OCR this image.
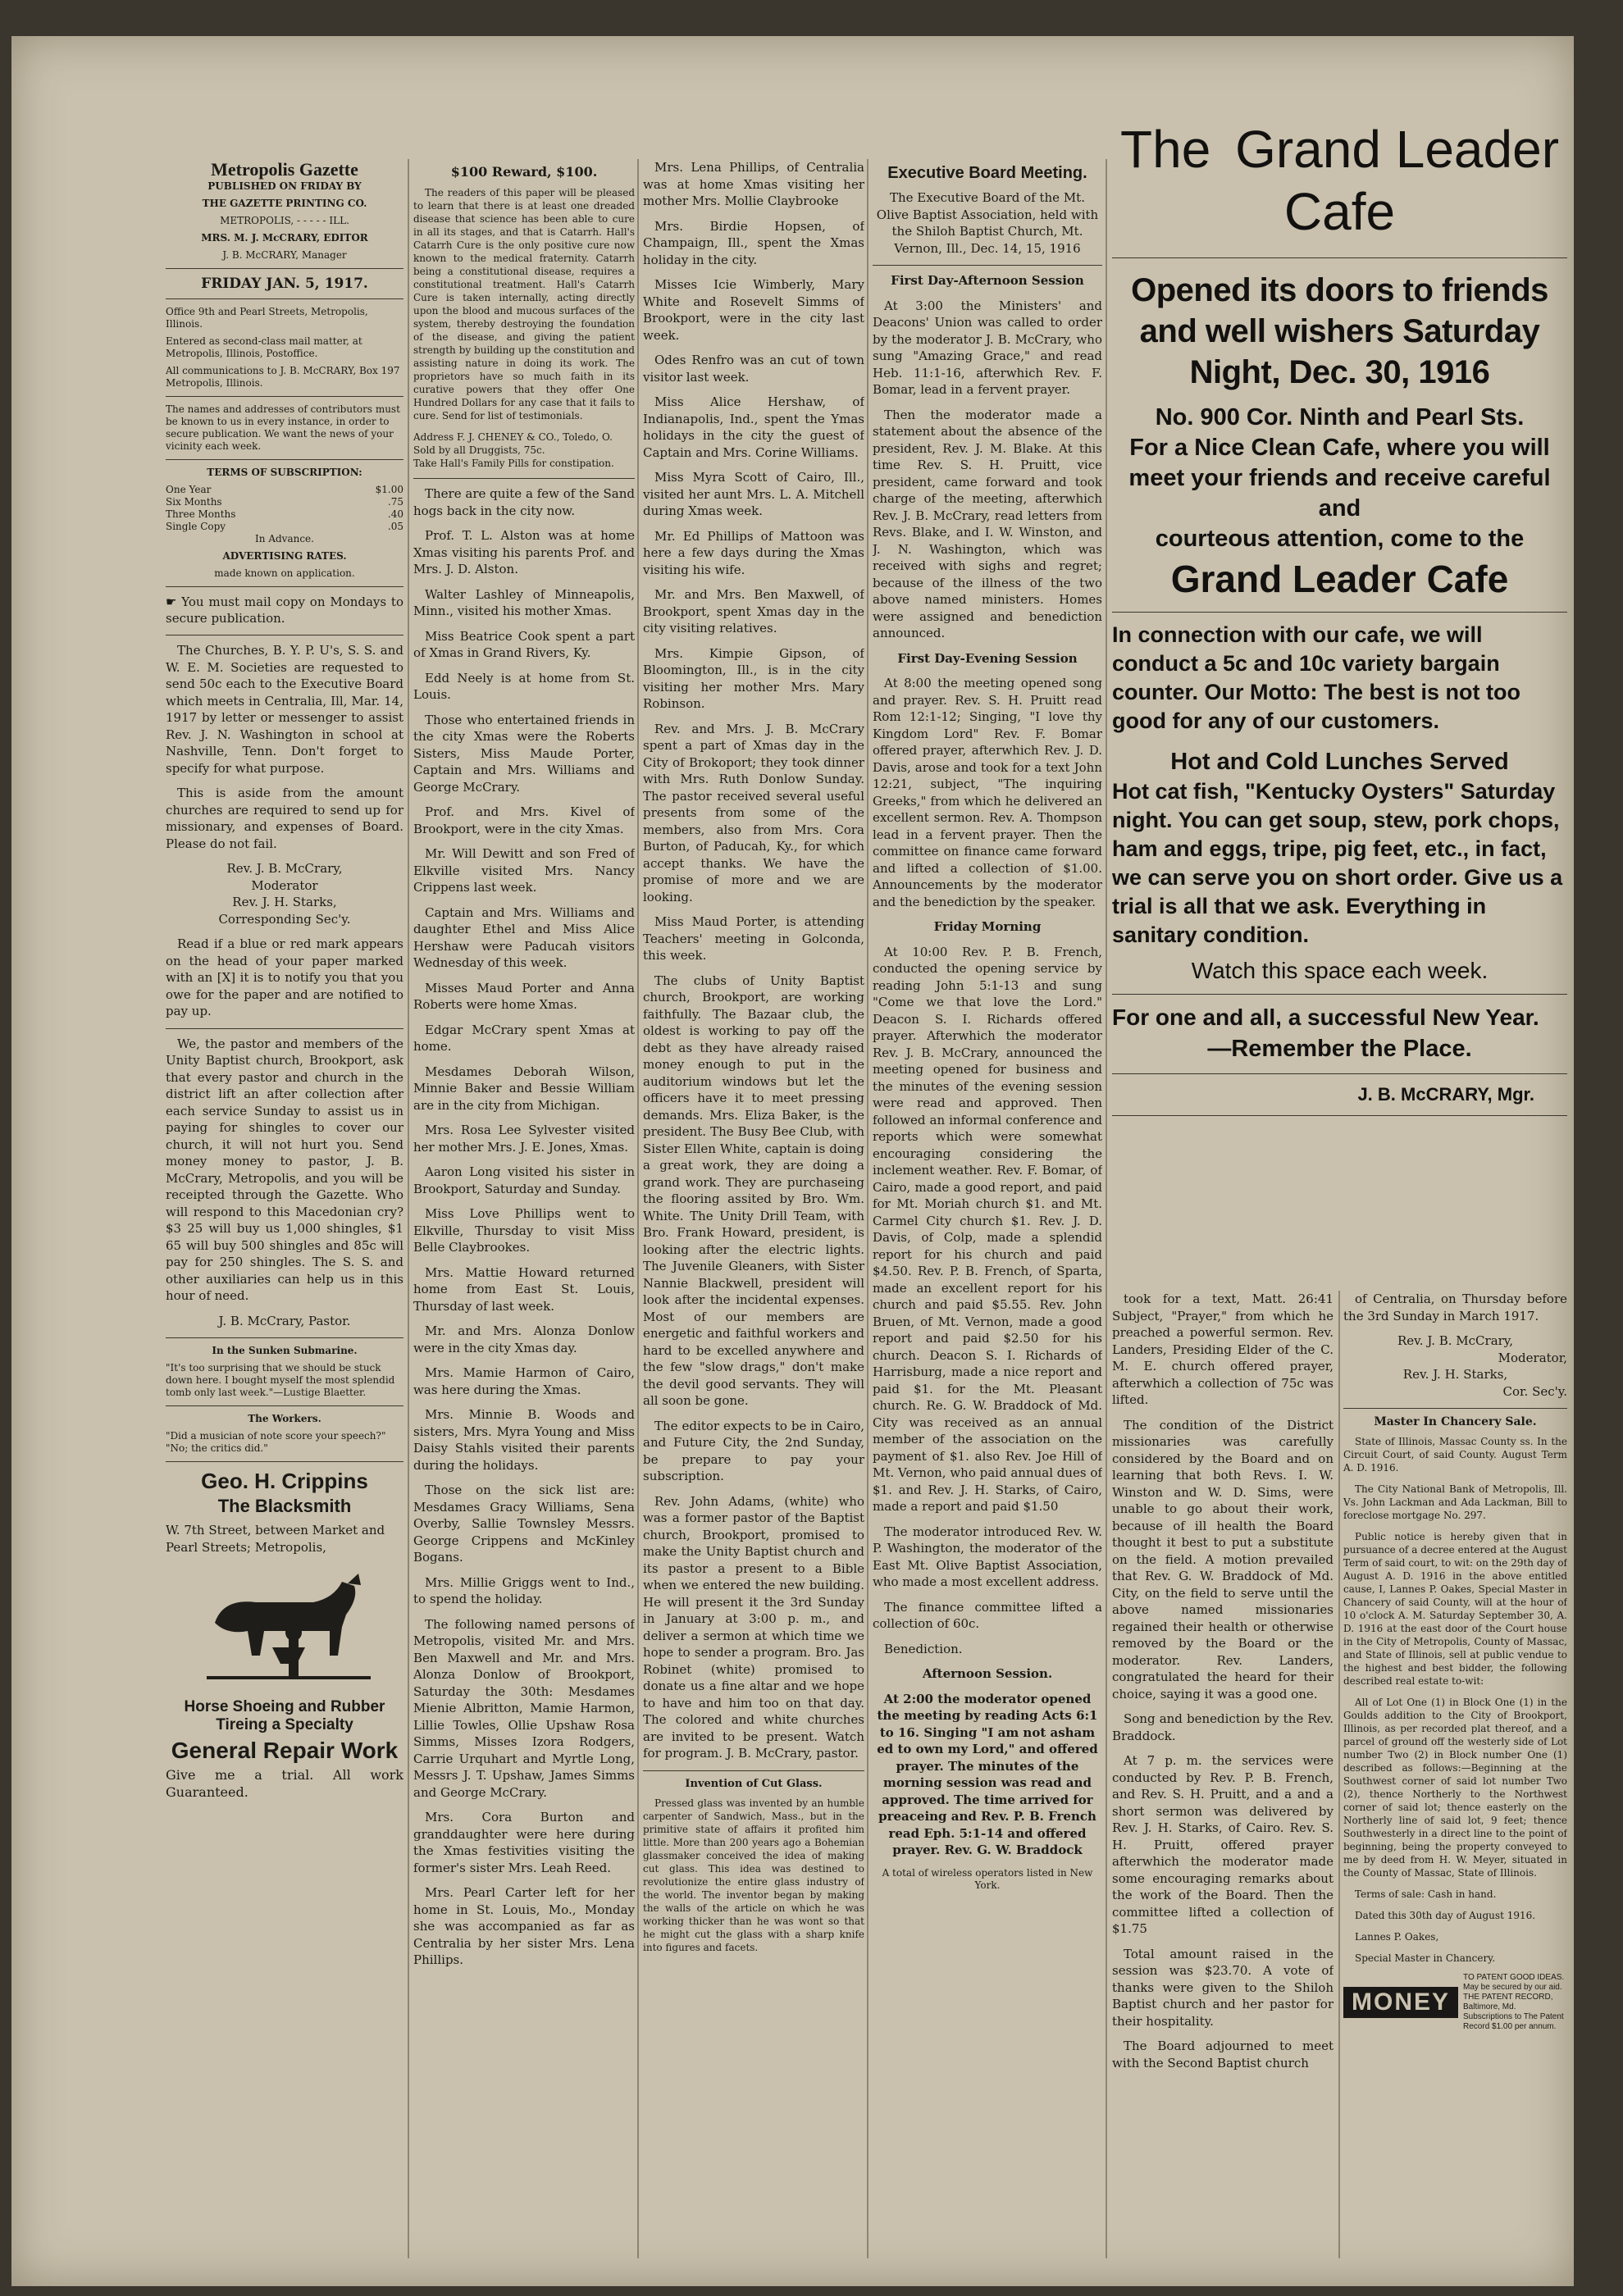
Metropolis Gazette
PUBLISHED ON FRIDAY BY
THE GAZETTE PRINTING CO.
METROPOLIS, - - - - - ILL.
MRS. M. J. McCRARY, EDITOR
J. B. McCRARY, Manager
FRIDAY JAN. 5, 1917.

Office 9th and Pearl Streets, Metropolis, Illinois.

Entered as second-class mail matter, at Metropolis, Illinois, Postoffice.

All communications to J. B. McCRARY, Box 197 Metropolis, Illinois.

The names and addresses of contributors must be known to us in every instance, in order to secure publication. We want the news of your vicinity each week.

TERMS OF SUBSCRIPTION:
One Year	$1.00
Six Months	.75
Three Months	.40
Single Copy	.05
In Advance.
ADVERTISING RATES.
made known on application.

☛ You must mail copy on Mondays to secure publication.

The Churches, B. Y. P. U's, S. S. and W. E. M. Societies are requested to send 50c each to the Executive Board which meets in Centralia, Ill, Mar. 14, 1917 by letter or messenger to assist Rev. J. N. Washington in school at Nashville, Tenn. Don't forget to specify for what purpose.

This is aside from the amount churches are required to send up for missionary, and expenses of Board. Please do not fail.

Rev. J. B. McCrary,

Moderator

Rev. J. H. Starks,

Corresponding Sec'y.

Read if a blue or red mark appears on the head of your paper marked with an [X] it is to notify you that you owe for the paper and are notified to pay up.

We, the pastor and members of the Unity Baptist church, Brookport, ask that every pastor and church in the district lift an after collection after each service Sunday to assist us in paying for shingles to cover our church, it will not hurt you. Send money money to pastor, J. B. McCrary, Metropolis, and you will be receipted through the Gazette. Who will respond to this Macedonian cry? $3 25 will buy us 1,000 shingles, $1 65 will buy 500 shingles and 85c will pay for 250 shingles. The S. S. and other auxiliaries can help us in this hour of need.

J. B. McCrary, Pastor.

In the Sunken Submarine.

"It's too surprising that we should be stuck down here. I bought myself the most splendid tomb only last week."—Lustige Blaetter.

The Workers.

"Did a musician of note score your speech?" "No; the critics did."

Geo. H. Crippins
The Blacksmith

W. 7th Street, between Market and Pearl Streets; Metropolis,

Horse Shoeing and Rubber Tireing a Specialty
General Repair Work

Give me a trial. All work Guaranteed.

$100 Reward, $100.

The readers of this paper will be pleased to learn that there is at least one dreaded disease that science has been able to cure in all its stages, and that is Catarrh. Hall's Catarrh Cure is the only positive cure now known to the medical fraternity. Catarrh being a constitutional disease, requires a constitutional treatment. Hall's Catarrh Cure is taken internally, acting directly upon the blood and mucous surfaces of the system, thereby destroying the foundation of the disease, and giving the patient strength by building up the constitution and assisting nature in doing its work. The proprietors have so much faith in its curative powers that they offer One Hundred Dollars for any case that it fails to cure. Send for list of testimonials.

Address F. J. CHENEY & CO., Toledo, O.

Sold by all Druggists, 75c.

Take Hall's Family Pills for constipation.

There are quite a few of the Sand hogs back in the city now.

Prof. T. L. Alston was at home Xmas visiting his parents Prof. and Mrs. J. D. Alston.

Walter Lashley of Minneapolis, Minn., visited his mother Xmas.

Miss Beatrice Cook spent a part of Xmas in Grand Rivers, Ky.

Edd Neely is at home from St. Louis.

Those who entertained friends in the city Xmas were the Roberts Sisters, Miss Maude Porter, Captain and Mrs. Williams and George McCrary.

Prof. and Mrs. Kivel of Brookport, were in the city Xmas.

Mr. Will Dewitt and son Fred of Elkville visited Mrs. Nancy Crippens last week.

Captain and Mrs. Williams and daughter Ethel and Miss Alice Hershaw were Paducah visitors Wednesday of this week.

Misses Maud Porter and Anna Roberts were home Xmas.

Edgar McCrary spent Xmas at home.

Mesdames Deborah Wilson, Minnie Baker and Bessie William are in the city from Michigan.

Mrs. Rosa Lee Sylvester visited her mother Mrs. J. E. Jones, Xmas.

Aaron Long visited his sister in Brookport, Saturday and Sunday.

Miss Love Phillips went to Elkville, Thursday to visit Miss Belle Claybrookes.

Mrs. Mattie Howard returned home from East St. Louis, Thursday of last week.

Mr. and Mrs. Alonza Donlow were in the city Xmas day.

Mrs. Mamie Harmon of Cairo, was here during the Xmas.

Mrs. Minnie B. Woods and sisters, Mrs. Myra Young and Miss Daisy Stahls visited their parents during the holidays.

Those on the sick list are: Mesdames Gracy Williams, Sena Overby, Sallie Townsley Messrs. George Crippens and McKinley Bogans.

Mrs. Millie Griggs went to Ind., to spend the holiday.

The following named persons of Metropolis, visited Mr. and Mrs. Ben Maxwell and Mr. and Mrs. Alonza Donlow of Brookport, Saturday the 30th: Mesdames Mienie Albritton, Mamie Harmon, Lillie Towles, Ollie Upshaw Rosa Simms, Misses Izora Rodgers, Carrie Urquhart and Myrtle Long, Messrs J. T. Upshaw, James Simms and George McCrary.

Mrs. Cora Burton and granddaughter were here during the Xmas festivities visiting the former's sister Mrs. Leah Reed.

Mrs. Pearl Carter left for her home in St. Louis, Mo., Monday she was accompanied as far as Centralia by her sister Mrs. Lena Phillips.

Mrs. Lena Phillips, of Centralia was at home Xmas visiting her mother Mrs. Mollie Claybrooke

Mrs. Birdie Hopsen, of Champaign, Ill., spent the Xmas holiday in the city.

Misses Icie Wimberly, Mary White and Rosevelt Simms of Brookport, were in the city last week.

Odes Renfro was an cut of town visitor last week.

Miss Alice Hershaw, of Indianapolis, Ind., spent the Ymas holidays in the city the guest of Captain and Mrs. Corine Williams.

Miss Myra Scott of Cairo, Ill., visited her aunt Mrs. L. A. Mitchell during Xmas week.

Mr. Ed Phillips of Mattoon was here a few days during the Xmas visiting his wife.

Mr. and Mrs. Ben Maxwell, of Brookport, spent Xmas day in the city visiting relatives.

Mrs. Kimpie Gipson, of Bloomington, Ill., is in the city visiting her mother Mrs. Mary Robinson.

Rev. and Mrs. J. B. McCrary spent a part of Xmas day in the City of Brokoport; they took dinner with Mrs. Ruth Donlow Sunday. The pastor received several useful presents from some of the members, also from Mrs. Cora Burton, of Paducah, Ky., for which accept thanks. We have the promise of more and we are looking.

Miss Maud Porter, is attending Teachers' meeting in Golconda, this week.

The clubs of Unity Baptist church, Brookport, are working faithfully. The Bazaar club, the oldest is working to pay off the debt as they have already raised money enough to put in the auditorium windows but let the officers have it to meet pressing demands. Mrs. Eliza Baker, is the president. The Busy Bee Club, with Sister Ellen White, captain is doing a great work, they are doing a grand work. They are purchaseing the flooring assited by Bro. Wm. White. The Unity Drill Team, with Bro. Frank Howard, president, is looking after the electric lights. The Juvenile Gleaners, with Sister Nannie Blackwell, president will look after the incidental expenses. Most of our members are energetic and faithful workers and hard to be excelled anywhere and the few "slow drags," don't make the devil good servants. They will all soon be gone.

The editor expects to be in Cairo, and Future City, the 2nd Sunday, be prepare to pay your subscription.

Rev. John Adams, (white) who was a former pastor of the Baptist church, Brookport, promised to make the Unity Baptist church and its pastor a present to a Bible when we entered the new building. He will present it the 3rd Sunday in January at 3:00 p. m., and deliver a sermon at which time we hope to sender a program. Bro. Jas Robinet (white) promised to donate us a fine altar and we hope to have and him too on that day. The colored and white churches are invited to be present. Watch for program. J. B. McCrary, pastor.

Invention of Cut Glass.

Pressed glass was invented by an humble carpenter of Sandwich, Mass., but in the primitive state of affairs it profited him little. More than 200 years ago a Bohemian glassmaker conceived the idea of making cut glass. This idea was destined to revolutionize the entire glass industry of the world. The inventor began by making the walls of the article on which he was working thicker than he was wont so that he might cut the glass with a sharp knife into figures and facets.

Executive Board Meeting.

The Executive Board of the Mt. Olive Baptist Association, held with the Shiloh Baptist Church, Mt. Vernon, Ill., Dec. 14, 15, 1916

First Day-Afternoon Session

At 3:00 the Ministers' and Deacons' Union was called to order by the moderator J. B. McCrary, who sung "Amazing Grace," and read Heb. 11:1-16, afterwhich Rev. F. Bomar, lead in a fervent prayer.

Then the moderator made a statement about the absence of the president, Rev. J. M. Blake. At this time Rev. S. H. Pruitt, vice president, came forward and took charge of the meeting, afterwhich Rev. J. B. McCrary, read letters from Revs. Blake, and I. W. Winston, and J. N. Washington, which was received with sighs and regret; because of the illness of the two above named ministers. Homes were assigned and benediction announced.

First Day-Evening Session

At 8:00 the meeting opened song and prayer. Rev. S. H. Pruitt read Rom 12:1-12; Singing, "I love thy Kingdom Lord" Rev. F. Bomar offered prayer, afterwhich Rev. J. D. Davis, arose and took for a text John 12:21, subject, "The inquiring Greeks," from which he delivered an excellent sermon. Rev. A. Thompson lead in a fervent prayer. Then the committee on finance came forward and lifted a collection of $1.00. Announcements by the moderator and the benediction by the speaker.

Friday Morning

At 10:00 Rev. P. B. French, conducted the opening service by reading John 5:1-13 and sung "Come we that love the Lord." Deacon S. I. Richards offered prayer. Afterwhich the moderator Rev. J. B. McCrary, announced the meeting opened for business and the minutes of the evening session were read and approved. Then followed an informal conference and reports which were somewhat encouraging considering the inclement weather. Rev. F. Bomar, of Cairo, made a good report, and paid for Mt. Moriah church $1. and Mt. Carmel City church $1. Rev. J. D. Davis, of Colp, made a splendid report for his church and paid $4.50. Rev. P. B. French, of Sparta, made an excellent report for his church and paid $5.55. Rev. John Bruen, of Mt. Vernon, made a good report and paid $2.50 for his church. Deacon S. I. Richards of Harrisburg, made a nice report and paid $1. for the Mt. Pleasant church. Re. G. W. Braddock of Md. City was received as an annual member of the association on the payment of $1. also Rev. Joe Hill of Mt. Vernon, who paid annual dues of $1. and Rev. J. H. Starks, of Cairo, made a report and paid $1.50

The moderator introduced Rev. W. P. Washington, the moderator of the East Mt. Olive Baptist Association, who made a most excellent address.

The finance committee lifted a collection of 60c.

Benediction.

Afternoon Session.

At 2:00 the moderator opened the meeting by reading Acts 6:1 to 16. Singing "I am not asham ed to own my Lord," and offered prayer. The minutes of the morning session was read and approved. The time arrived for preaceing and Rev. P. B. French read Eph. 5:1-14 and offered prayer. Rev. G. W. Braddock

A total of wireless operators listed in New York.

The Grand Leader
Cafe
Opened its doors to friends
and well wishers Saturday
Night, Dec. 30, 1916
No. 900 Cor. Ninth and Pearl Sts.
For a Nice Clean Cafe, where you will
meet your friends and receive careful and
courteous attention, come to the
Grand Leader Cafe
In connection with our cafe, we will conduct a 5c and 10c variety bargain counter. Our Motto: The best is not too good for any of our customers.
Hot and Cold Lunches Served
Hot cat fish, "Kentucky Oysters" Saturday night. You can get soup, stew, pork chops, ham and eggs, tripe, pig feet, etc., in fact, we can serve you on short order. Give us a trial is all that we ask. Everything in sanitary condition.
Watch this space each week.
For one and all, a successful New Year.
—Remember the Place.
J. B. McCRARY, Mgr.

took for a text, Matt. 26:41 Subject, "Prayer," from which he preached a powerful sermon. Rev. Landers, Presiding Elder of the C. M. E. church offered prayer, afterwhich a collection of 75c was lifted.

The condition of the District missionaries was carefully considered by the Board and on learning that both Revs. I. W. Winston and W. D. Sims, were unable to go about their work, because of ill health the Board thought it best to put a substitute on the field. A motion prevailed that Rev. G. W. Braddock of Md. City, on the field to serve until the above named missionaries regained their health or otherwise removed by the Board or the moderator. Rev. Landers, congratulated the heard for their choice, saying it was a good one.

Song and benediction by the Rev. Braddock.

At 7 p. m. the services were conducted by Rev. P. B. French, and Rev. S. H. Pruitt, and a and a short sermon was delivered by Rev. J. H. Starks, of Cairo. Rev. S. H. Pruitt, offered prayer afterwhich the moderator made some encouraging remarks about the work of the Board. Then the committee lifted a collection of $1.75

Total amount raised in the session was $23.70. A vote of thanks were given to the Shiloh Baptist church and her pastor for their hospitality.

The Board adjourned to meet with the Second Baptist church

of Centralia, on Thursday before the 3rd Sunday in March 1917.

Rev. J. B. McCrary,

Moderator,

Rev. J. H. Starks,

Cor. Sec'y.

Master In Chancery Sale.

State of Illinois, Massac County ss. In the Circuit Court, of said County. August Term A. D. 1916.

The City National Bank of Metropolis, Ill. Vs. John Lackman and Ada Lackman, Bill to foreclose mortgage No. 297.

Public notice is hereby given that in pursuance of a decree entered at the August Term of said court, to wit: on the 29th day of August A. D. 1916 in the above entitled cause, I, Lannes P. Oakes, Special Master in Chancery of said County, will at the hour of 10 o'clock A. M. Saturday September 30, A. D. 1916 at the east door of the Court house in the City of Metropolis, County of Massac, and State of Illinois, sell at public vendue to the highest and best bidder, the following described real estate to-wit:

All of Lot One (1) in Block One (1) in the Goulds addition to the City of Brookport, Illinois, as per recorded plat thereof, and a parcel of ground off the westerly side of Lot number Two (2) in Block number One (1) described as follows:—Beginning at the Southwest corner of said lot number Two (2), thence Northerly to the Northwest corner of said lot; thence easterly on the Northerly line of said lot, 9 feet; thence Southwesterly in a direct line to the point of beginning, being the property conveyed to me by deed from H. W. Meyer, situated in the County of Massac, State of Illinois.

Terms of sale: Cash in hand.

Dated this 30th day of August 1916.

Lannes P. Oakes,

Special Master in Chancery.

MONEY
TO PATENT GOOD IDEAS. May be secured by our aid. THE PATENT RECORD, Baltimore, Md. Subscriptions to The Patent Record $1.00 per annum.
